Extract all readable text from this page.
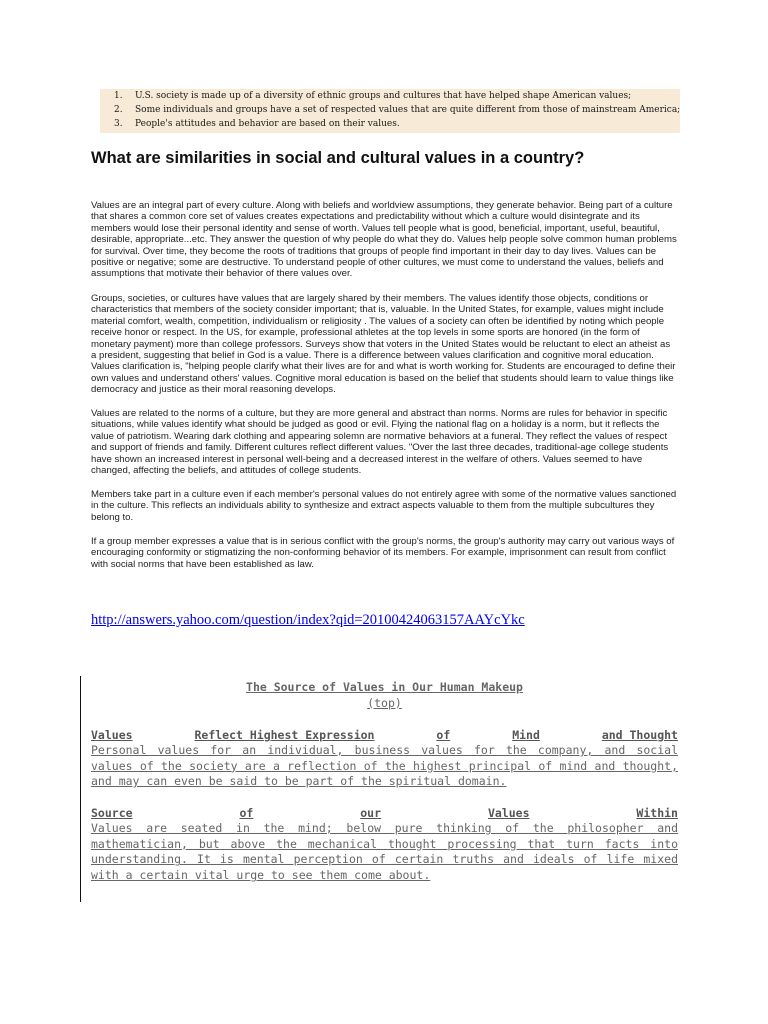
1. U.S. society is made up of a diversity of ethnic groups and cultures that have helped shape American values;
2. Some individuals and groups have a set of respected values that are quite different from those of mainstream America;
3. People's attitudes and behavior are based on their values.
What are similarities in social and cultural values in a country?

Values are an integral part of every culture. Along with beliefs and worldview assumptions, they generate behavior. Being part of a culture that shares a common core set of values creates expectations and predictability without which a culture would disintegrate and its members would lose their personal identity and sense of worth. Values tell people what is good, beneficial, important, useful, beautiful, desirable, appropriate...etc. They answer the question of why people do what they do. Values help people solve common human problems for survival. Over time, they become the roots of traditions that groups of people find important in their day to day lives. Values can be positive or negative; some are destructive. To understand people of other cultures, we must come to understand the values, beliefs and assumptions that motivate their behavior of there values over.

Groups, societies, or cultures have values that are largely shared by their members. The values identify those objects, conditions or characteristics that members of the society consider important; that is, valuable. In the United States, for example, values might include material comfort, wealth, competition, individualism or religiosity . The values of a society can often be identified by noting which people receive honor or respect. In the US, for example, professional athletes at the top levels in some sports are honored (in the form of monetary payment) more than college professors. Surveys show that voters in the United States would be reluctant to elect an atheist as a president, suggesting that belief in God is a value. There is a difference between values clarification and cognitive moral education. Values clarification is, "helping people clarify what their lives are for and what is worth working for. Students are encouraged to define their own values and understand others' values. Cognitive moral education is based on the belief that students should learn to value things like democracy and justice as their moral reasoning develops.

Values are related to the norms of a culture, but they are more general and abstract than norms. Norms are rules for behavior in specific situations, while values identify what should be judged as good or evil. Flying the national flag on a holiday is a norm, but it reflects the value of patriotism. Wearing dark clothing and appearing solemn are normative behaviors at a funeral. They reflect the values of respect and support of friends and family. Different cultures reflect different values. "Over the last three decades, traditional-age college students have shown an increased interest in personal well-being and a decreased interest in the welfare of others. Values seemed to have changed, affecting the beliefs, and attitudes of college students.

Members take part in a culture even if each member's personal values do not entirely agree with some of the normative values sanctioned in the culture. This reflects an individuals ability to synthesize and extract aspects valuable to them from the multiple subcultures they belong to.

If a group member expresses a value that is in serious conflict with the group's norms, the group's authority may carry out various ways of encouraging conformity or stigmatizing the non-conforming behavior of its members. For example, imprisonment can result from conflict with social norms that have been established as law.

http://answers.yahoo.com/question/index?qid=20100424063157AAYcYkc
The Source of Values in Our Human Makeup
(top)
Values	Reflect Highest Expression	of	Mind	and Thought

Personal values for an individual, business values for the company, and social values of the society are a reflection of the highest principal of mind and thought, and may can even be said to be part of the spiritual domain.

Source	of	our	Values	Within

Values are seated in the mind; below pure thinking of the philosopher and mathematician, but above the mechanical thought processing that turn facts into understanding. It is mental perception of certain truths and ideals of life mixed with a certain vital urge to see them come about.
